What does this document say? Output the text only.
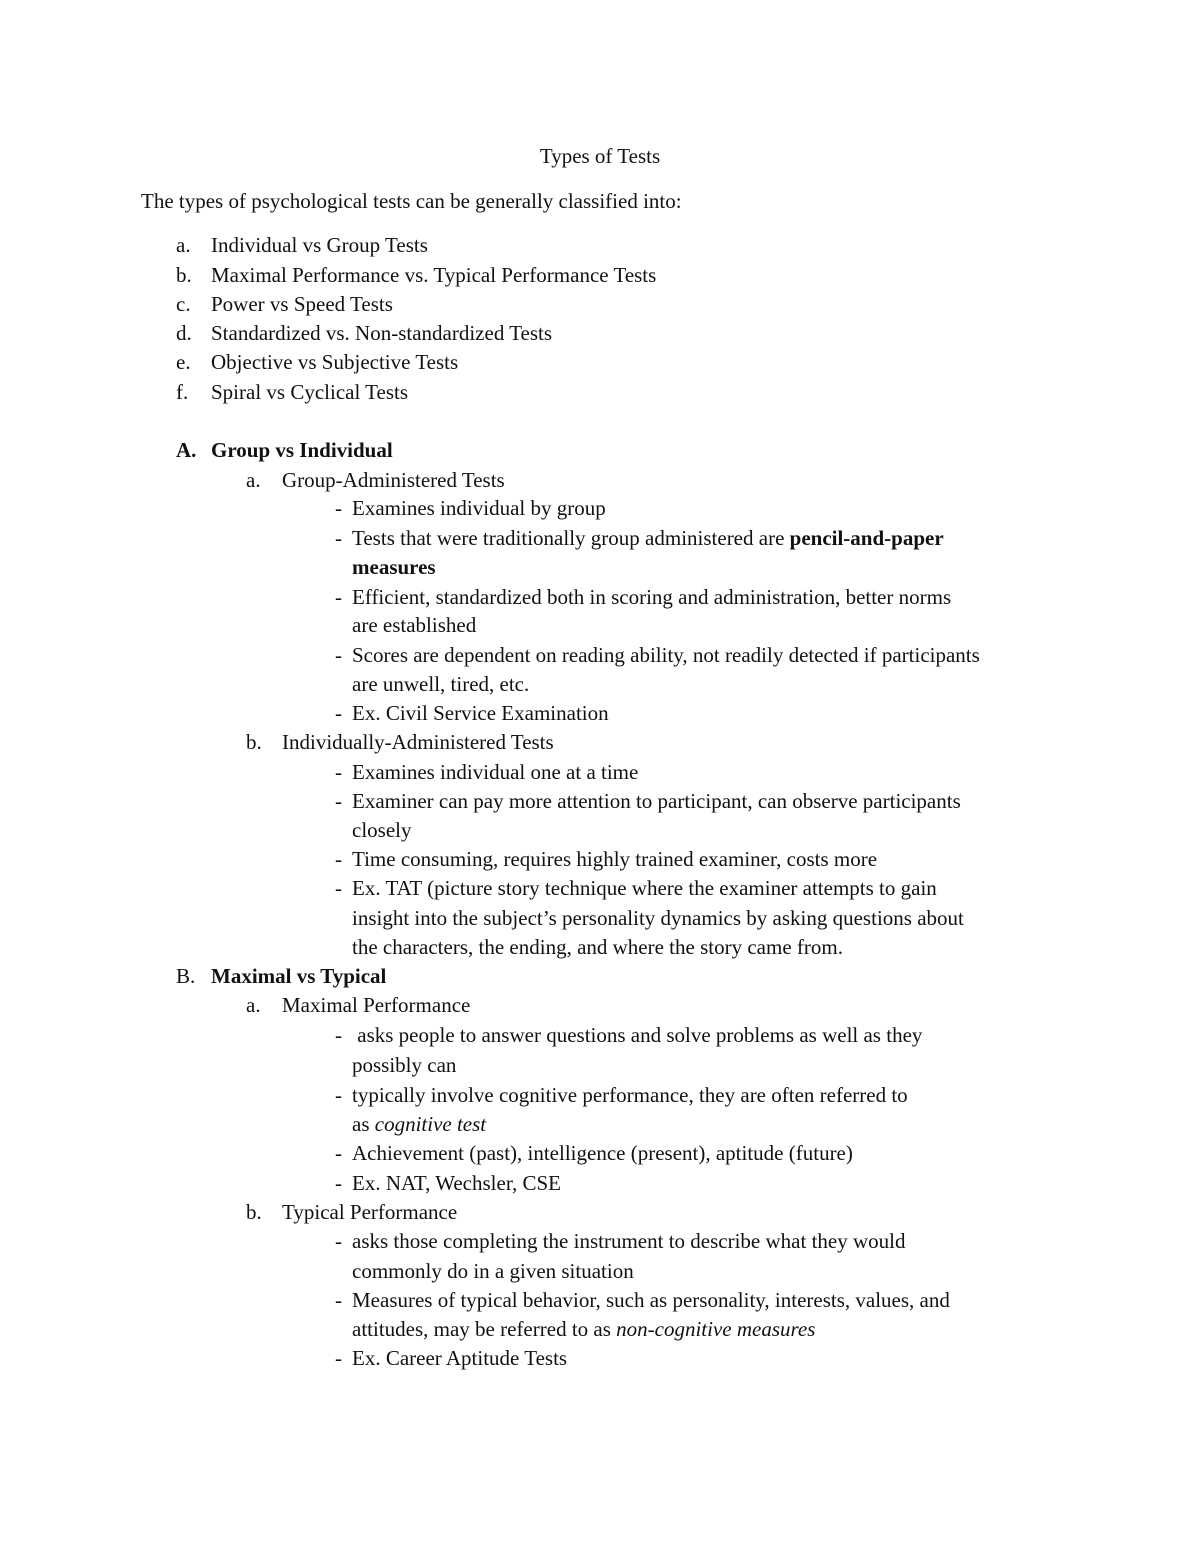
Types of Tests
The types of psychological tests can be generally classified into:
a. Individual vs Group Tests
b. Maximal Performance vs. Typical Performance Tests
c. Power vs Speed Tests
d. Standardized vs. Non-standardized Tests
e. Objective vs Subjective Tests
f. Spiral vs Cyclical Tests
A. Group vs Individual
a. Group-Administered Tests
- Examines individual by group
- Tests that were traditionally group administered are pencil-and-paper
measures
- Efficient, standardized both in scoring and administration, better norms
are established
- Scores are dependent on reading ability, not readily detected if participants
are unwell, tired, etc.
- Ex. Civil Service Examination
b. Individually-Administered Tests
- Examines individual one at a time
- Examiner can pay more attention to participant, can observe participants
closely
- Time consuming, requires highly trained examiner, costs more
- Ex. TAT (picture story technique where the examiner attempts to gain
insight into the subject’s personality dynamics by asking questions about
the characters, the ending, and where the story came from.
B. Maximal vs Typical
a. Maximal Performance
- asks people to answer questions and solve problems as well as they
possibly can
- typically involve cognitive performance, they are often referred to
as cognitive test
- Achievement (past), intelligence (present), aptitude (future)
- Ex. NAT, Wechsler, CSE
b. Typical Performance
- asks those completing the instrument to describe what they would
commonly do in a given situation
- Measures of typical behavior, such as personality, interests, values, and
attitudes, may be referred to as non-cognitive measures
- Ex. Career Aptitude Tests
